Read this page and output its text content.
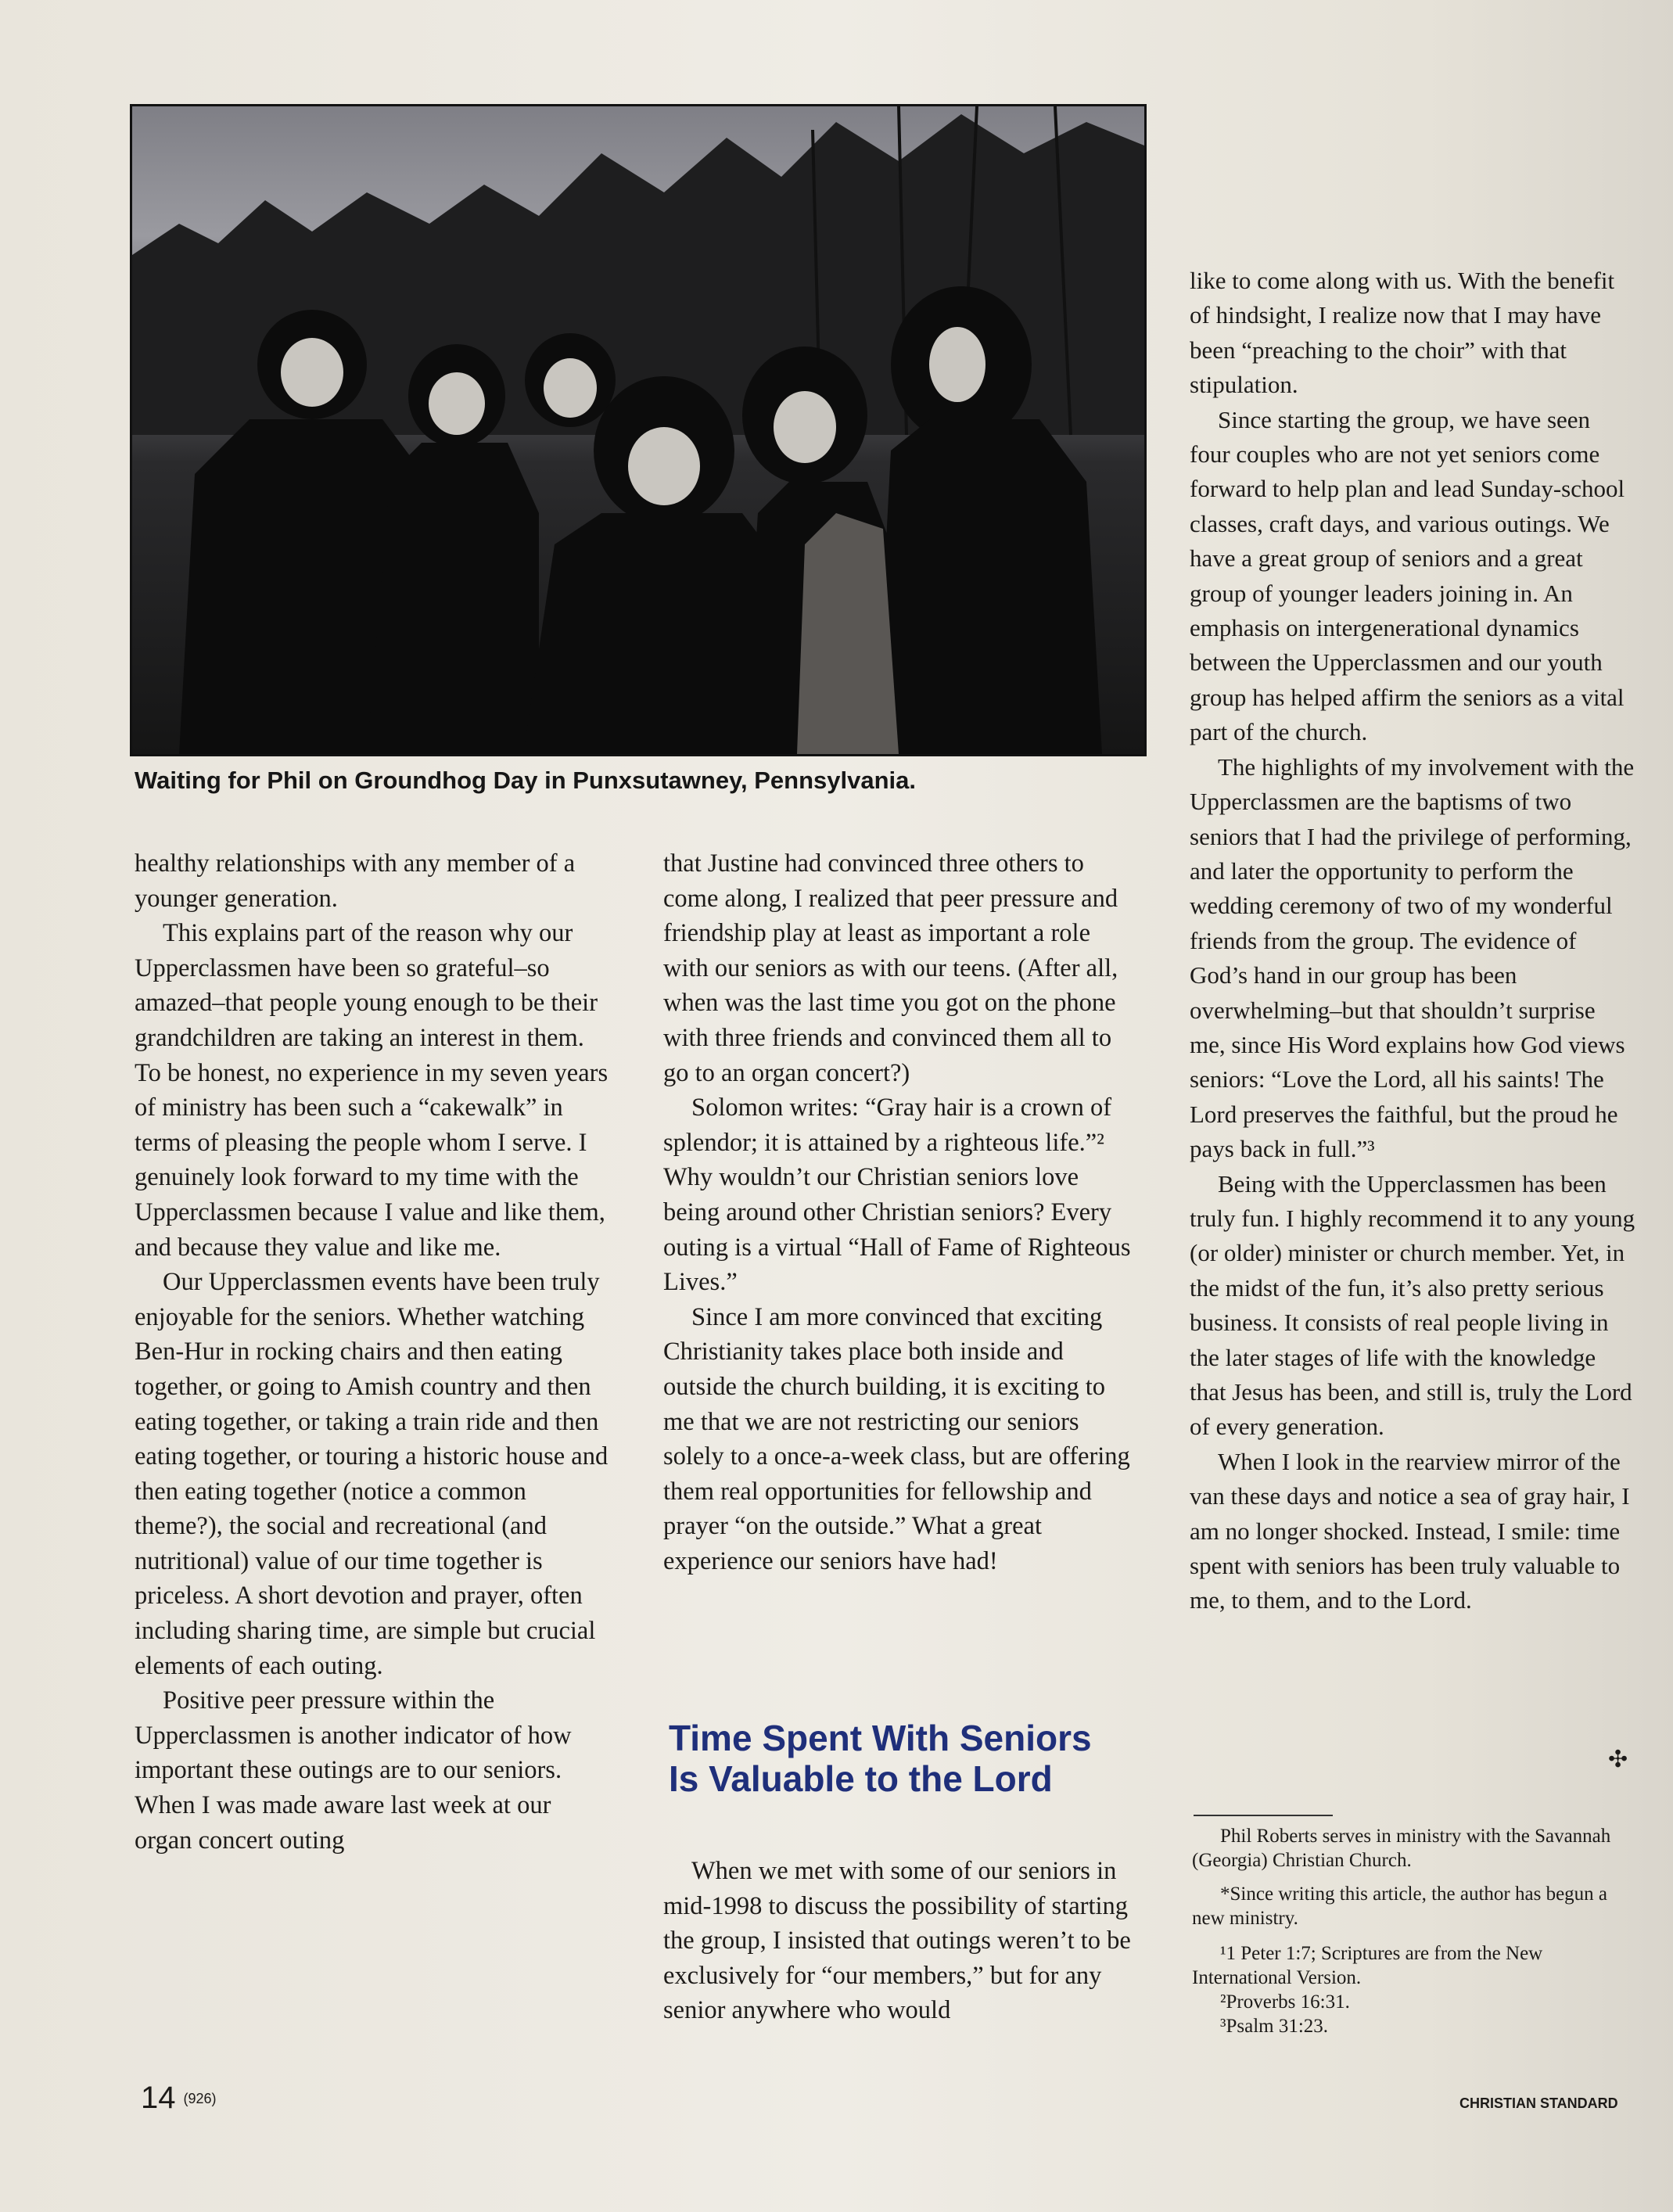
Waiting for Phil on Groundhog Day in Punxsutawney, Pennsylvania.

healthy relationships with any member of a younger generation.

This explains part of the reason why our Upperclassmen have been so grateful–so amazed–that people young enough to be their grandchildren are taking an interest in them. To be honest, no experience in my seven years of ministry has been such a “cakewalk” in terms of pleasing the people whom I serve. I genuinely look forward to my time with the Upperclassmen because I value and like them, and because they value and like me.

Our Upperclassmen events have been truly enjoyable for the seniors. Whether watching Ben-Hur in rocking chairs and then eating together, or going to Amish country and then eating together, or taking a train ride and then eating together, or touring a historic house and then eating together (notice a common theme?), the social and recreational (and nutritional) value of our time together is priceless. A short devotion and prayer, often including sharing time, are simple but crucial elements of each outing.

Positive peer pressure within the Upperclassmen is another indicator of how important these outings are to our seniors. When I was made aware last week at our organ concert outing

that Justine had convinced three others to come along, I realized that peer pressure and friendship play at least as important a role with our seniors as with our teens. (After all, when was the last time you got on the phone with three friends and convinced them all to go to an organ concert?)

Solomon writes: “Gray hair is a crown of splendor; it is attained by a righteous life.”² Why wouldn’t our Christian seniors love being around other Christian seniors? Every outing is a virtual “Hall of Fame of Righteous Lives.”

Since I am more convinced that exciting Christianity takes place both inside and outside the church building, it is exciting to me that we are not restricting our seniors solely to a once-a-week class, but are offering them real opportunities for fellowship and prayer “on the outside.” What a great experience our seniors have had!

Time Spent With Seniors Is Valuable to the Lord

When we met with some of our seniors in mid-1998 to discuss the possibility of starting the group, I insisted that outings weren’t to be exclusively for “our members,” but for any senior anywhere who would

like to come along with us. With the benefit of hindsight, I realize now that I may have been “preaching to the choir” with that stipulation.

Since starting the group, we have seen four couples who are not yet seniors come forward to help plan and lead Sunday-school classes, craft days, and various outings. We have a great group of seniors and a great group of younger leaders joining in. An emphasis on intergenerational dynamics between the Upperclassmen and our youth group has helped affirm the seniors as a vital part of the church.

The highlights of my involvement with the Upperclassmen are the baptisms of two seniors that I had the privilege of performing, and later the opportunity to perform the wedding ceremony of two of my wonderful friends from the group. The evidence of God’s hand in our group has been overwhelming–but that shouldn’t surprise me, since His Word explains how God views seniors: “Love the Lord, all his saints! The Lord preserves the faithful, but the proud he pays back in full.”³

Being with the Upperclassmen has been truly fun. I highly recommend it to any young (or older) minister or church member. Yet, in the midst of the fun, it’s also pretty serious business. It consists of real people living in the later stages of life with the knowledge that Jesus has been, and still is, truly the Lord of every generation.

When I look in the rearview mirror of the van these days and notice a sea of gray hair, I am no longer shocked. Instead, I smile: time spent with seniors has been truly valuable to me, to them, and to the Lord.

✣

Phil Roberts serves in ministry with the Savannah (Georgia) Christian Church.

*Since writing this article, the author has begun a new ministry.

¹1 Peter 1:7; Scriptures are from the New International Version.

²Proverbs 16:31.

³Psalm 31:23.

14 (926)	CHRISTIAN STANDARD
